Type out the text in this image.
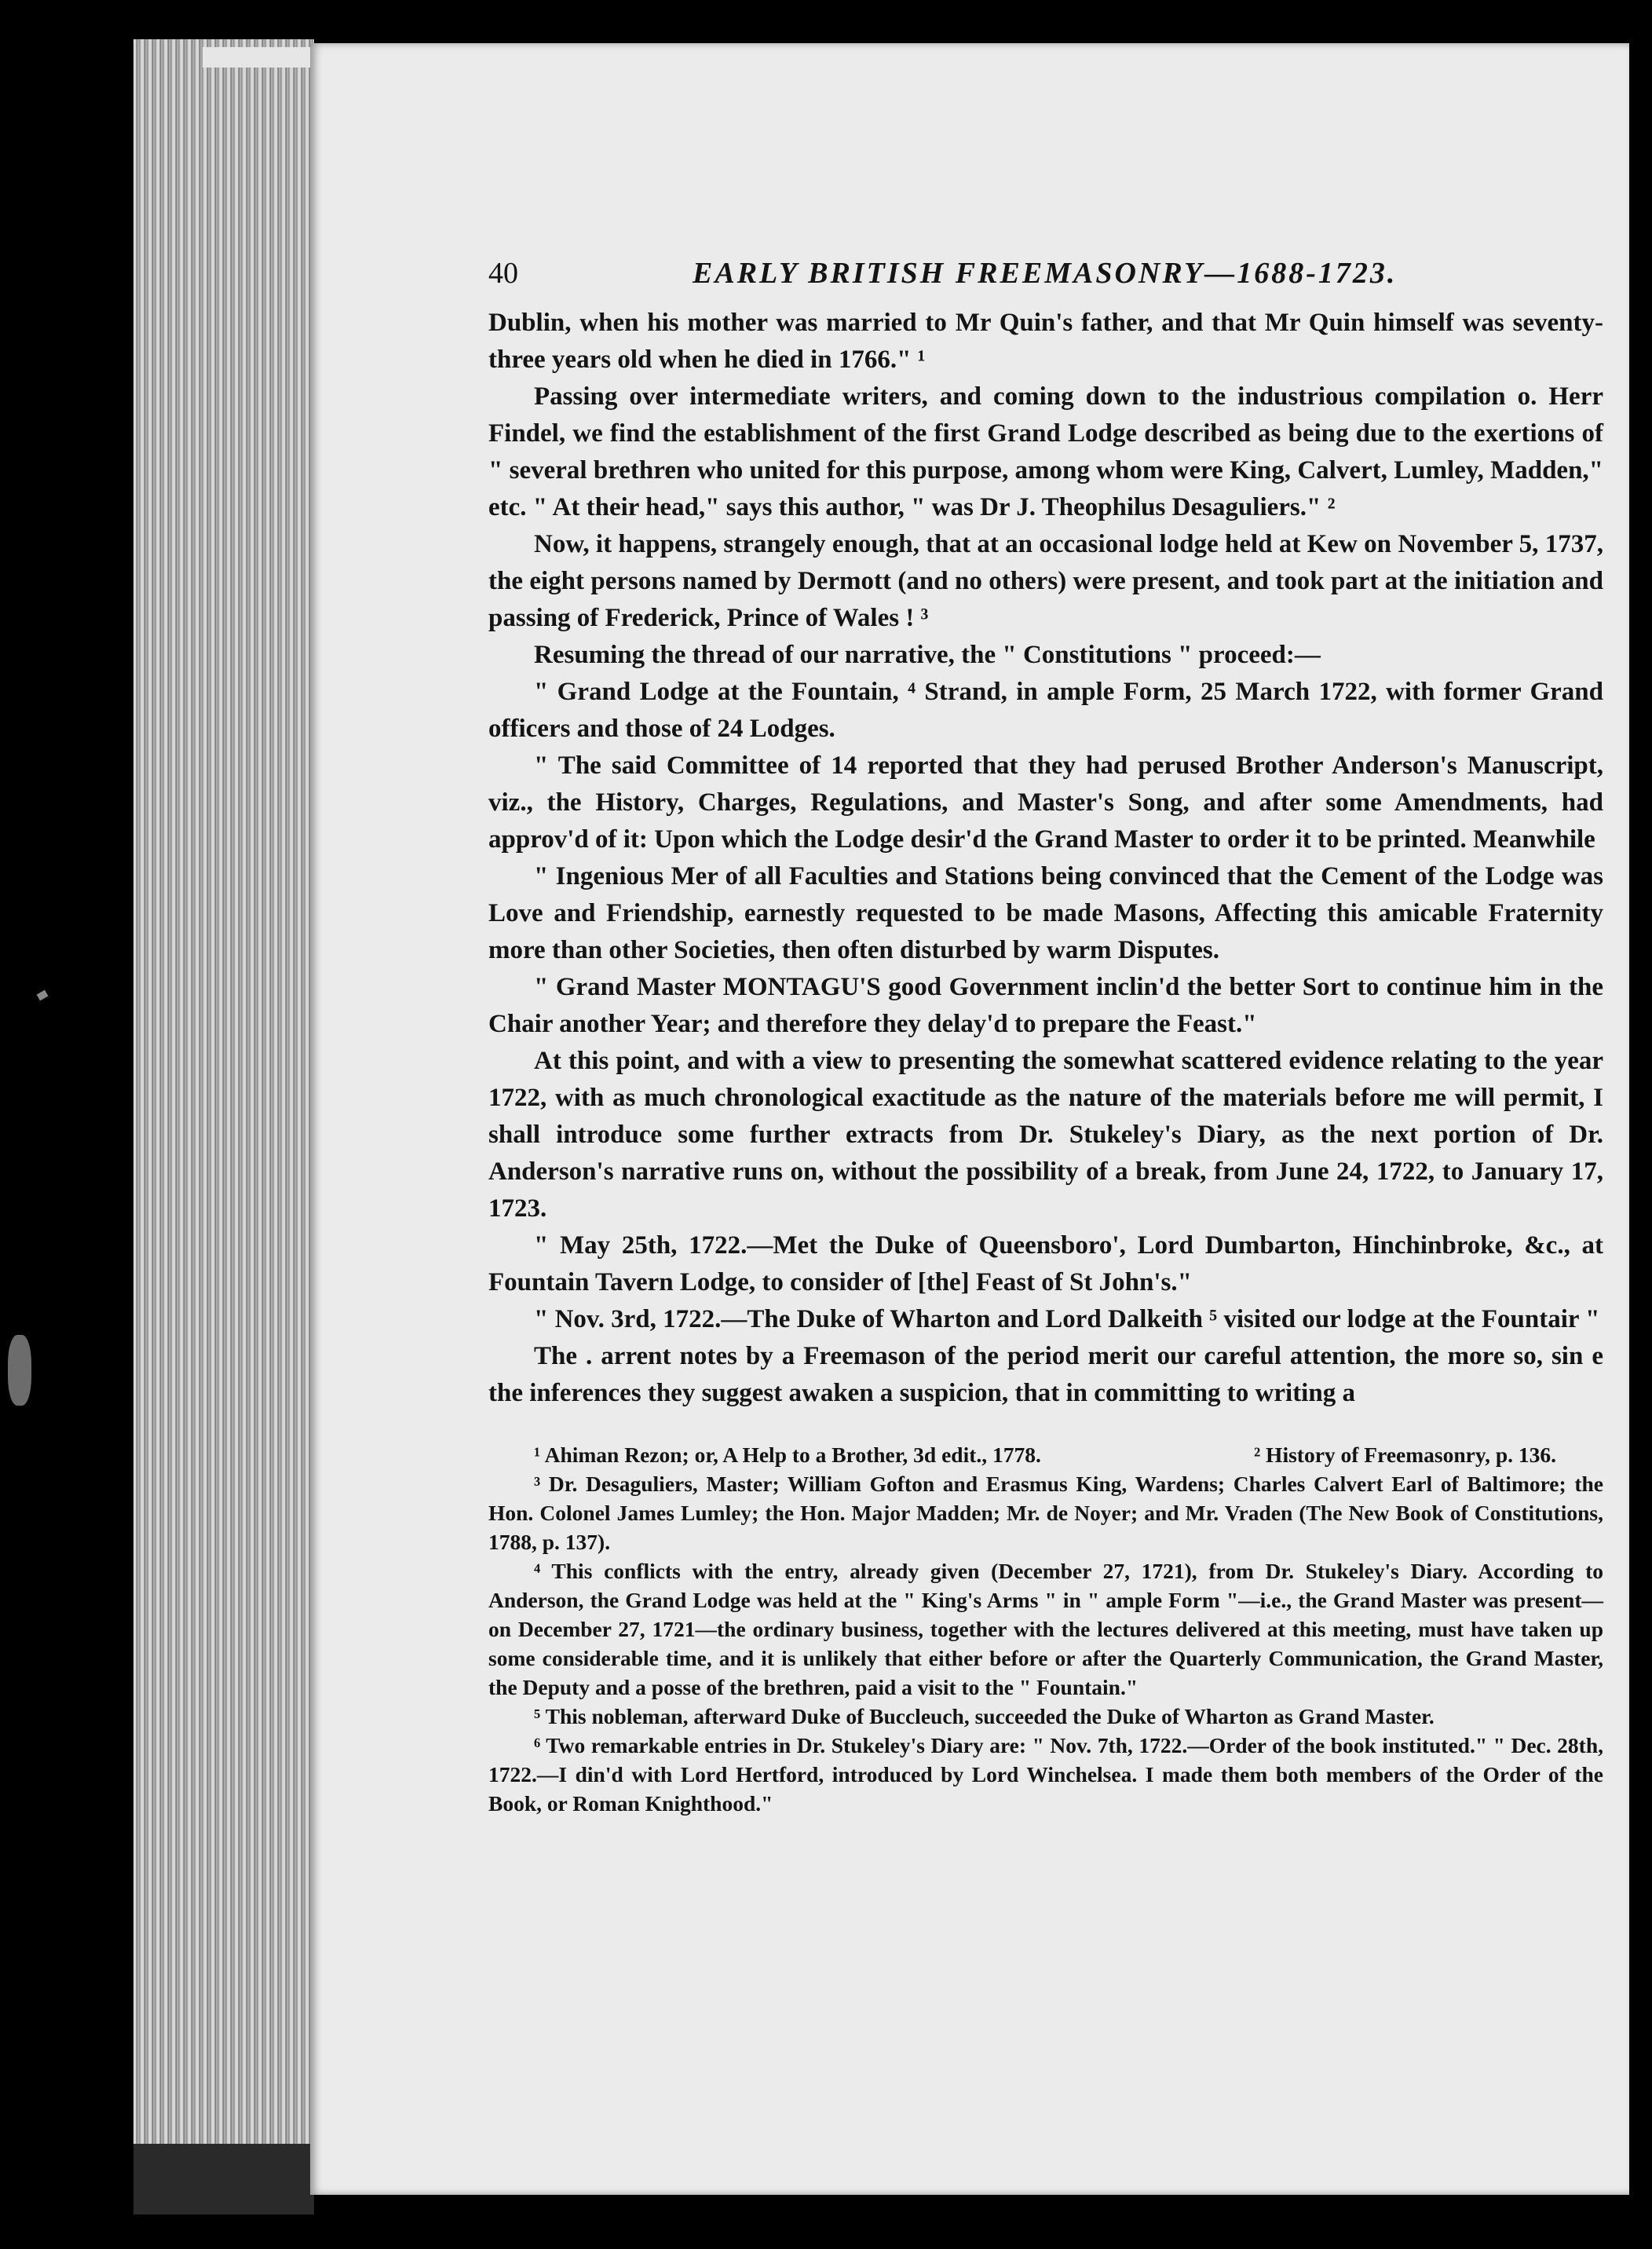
40	EARLY BRITISH FREEMASONRY—1688-1723.

Dublin, when his mother was married to Mr Quin's father, and that Mr Quin himself was seventy-three years old when he died in 1766." ¹

Passing over intermediate writers, and coming down to the industrious compilation o. Herr Findel, we find the establishment of the first Grand Lodge described as being due to the exertions of " several brethren who united for this purpose, among whom were King, Calvert, Lumley, Madden," etc. " At their head," says this author, " was Dr J. Theophilus Desaguliers." ²

Now, it happens, strangely enough, that at an occasional lodge held at Kew on November 5, 1737, the eight persons named by Dermott (and no others) were present, and took part at the initiation and passing of Frederick, Prince of Wales ! ³

Resuming the thread of our narrative, the " Constitutions " proceed:—

" Grand Lodge at the Fountain, ⁴ Strand, in ample Form, 25 March 1722, with former Grand officers and those of 24 Lodges.

" The said Committee of 14 reported that they had perused Brother Anderson's Manuscript, viz., the History, Charges, Regulations, and Master's Song, and after some Amendments, had approv'd of it: Upon which the Lodge desir'd the Grand Master to order it to be printed. Meanwhile

" Ingenious Mer of all Faculties and Stations being convinced that the Cement of the Lodge was Love and Friendship, earnestly requested to be made Masons, Affecting this amicable Fraternity more than other Societies, then often disturbed by warm Disputes.

" Grand Master MONTAGU'S good Government inclin'd the better Sort to continue him in the Chair another Year; and therefore they delay'd to prepare the Feast."

At this point, and with a view to presenting the somewhat scattered evidence relating to the year 1722, with as much chronological exactitude as the nature of the materials before me will permit, I shall introduce some further extracts from Dr. Stukeley's Diary, as the next portion of Dr. Anderson's narrative runs on, without the possibility of a break, from June 24, 1722, to January 17, 1723.

" May 25th, 1722.—Met the Duke of Queensboro', Lord Dumbarton, Hinchinbroke, &c., at Fountain Tavern Lodge, to consider of [the] Feast of St John's."

" Nov. 3rd, 1722.—The Duke of Wharton and Lord Dalkeith ⁵ visited our lodge at the Fountair "

The . arrent notes by a Freemason of the period merit our careful attention, the more so, sin e the inferences they suggest awaken a suspicion, that in committing to writing a

¹ Ahiman Rezon; or, A Help to a Brother, 3d edit., 1778.	² History of Freemasonry, p. 136.

³ Dr. Desaguliers, Master; William Gofton and Erasmus King, Wardens; Charles Calvert Earl of Baltimore; the Hon. Colonel James Lumley; the Hon. Major Madden; Mr. de Noyer; and Mr. Vraden (The New Book of Constitutions, 1788, p. 137).

⁴ This conflicts with the entry, already given (December 27, 1721), from Dr. Stukeley's Diary. According to Anderson, the Grand Lodge was held at the " King's Arms " in " ample Form "—i.e., the Grand Master was present—on December 27, 1721—the ordinary business, together with the lectures delivered at this meeting, must have taken up some considerable time, and it is unlikely that either before or after the Quarterly Communication, the Grand Master, the Deputy and a posse of the brethren, paid a visit to the " Fountain."

⁵ This nobleman, afterward Duke of Buccleuch, succeeded the Duke of Wharton as Grand Master.

⁶ Two remarkable entries in Dr. Stukeley's Diary are: " Nov. 7th, 1722.—Order of the book instituted." " Dec. 28th, 1722.—I din'd with Lord Hertford, introduced by Lord Winchelsea. I made them both members of the Order of the Book, or Roman Knighthood."
